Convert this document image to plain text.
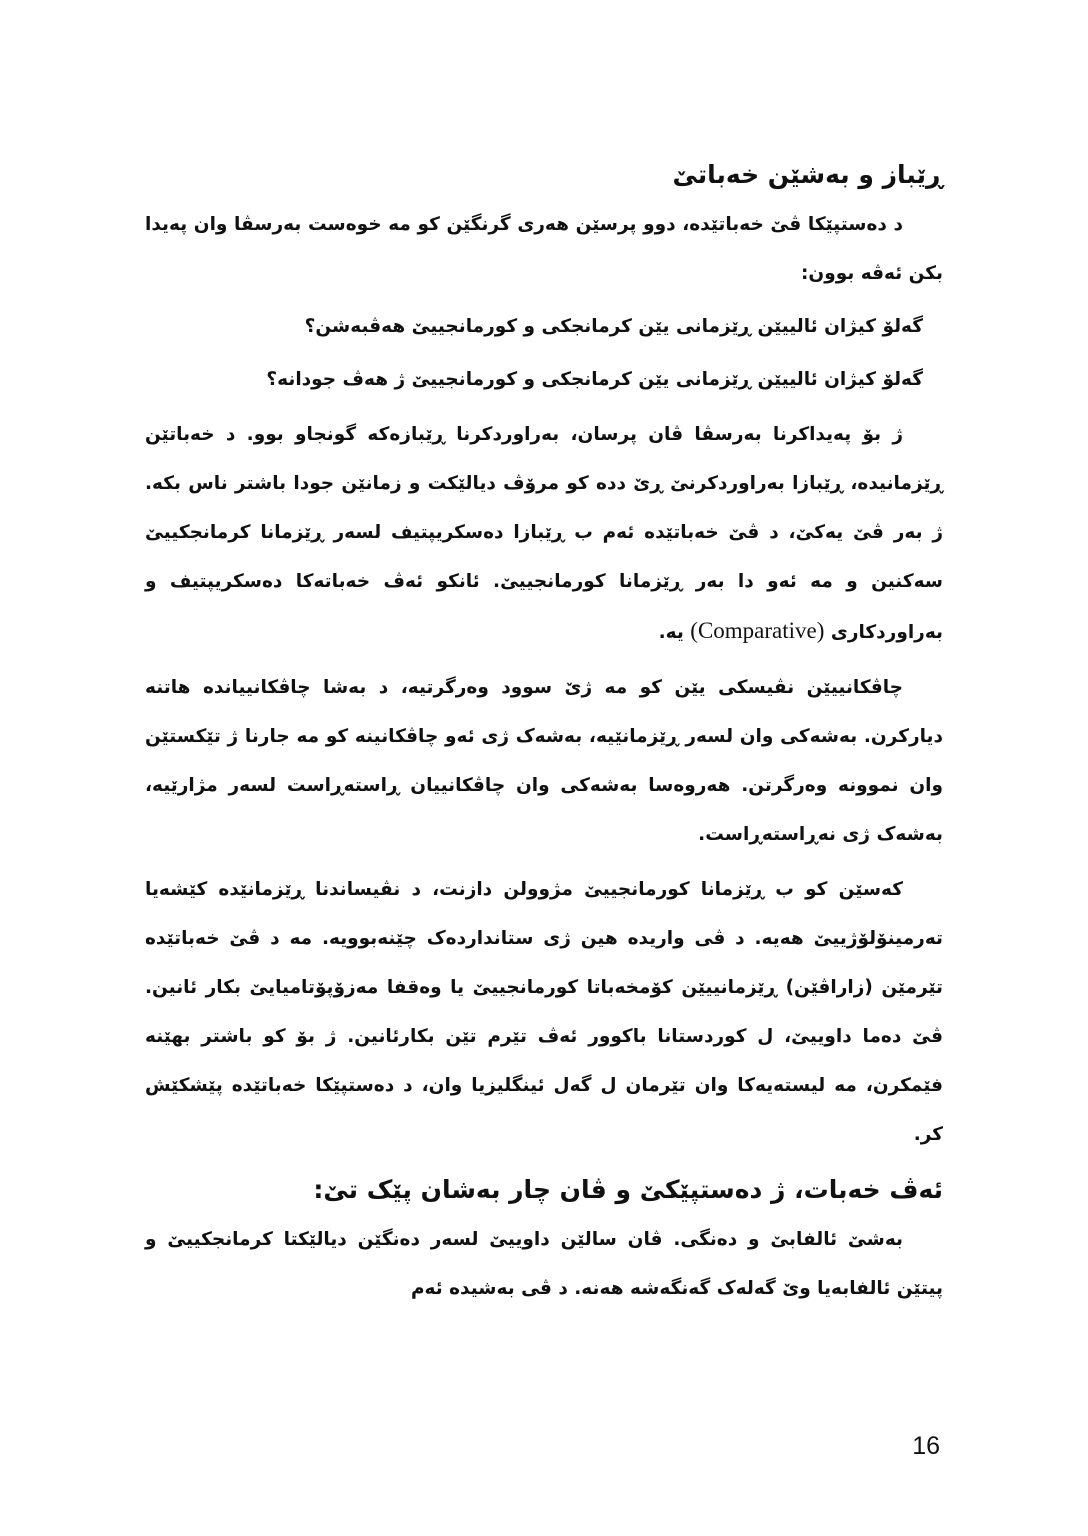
ڕێباز و بەشێن خەباتێ

د دەستپێکا ڤێ خەباتێدە، دوو پرسێن هەری گرنگێن کو مە خوەست بەرسڤا وان پەیدا بکن ئەڤە بوون:

گەلۆ کیژان ئالییێن ڕێزمانی یێن کرمانجکی و کورمانجییێ هەڤبەشن؟

گەلۆ کیژان ئالییێن ڕێزمانی یێن کرمانجکی و کورمانجییێ ژ هەڤ جودانە؟

ژ بۆ پەیداکرنا بەرسڤا ڤان پرسان، بەراوردکرنا ڕێبازەکە گونجاو بوو. د خەباتێن ڕێزمانیدە، ڕێبازا بەراوردکرنێ ڕێ ددە کو مرۆڤ دیالێکت و زمانێن جودا باشتر ناس بکە. ژ بەر ڤێ یەکێ، د ڤێ خەباتێدە ئەم ب ڕێبازا دەسکریپتیف لسەر ڕێزمانا کرمانجکییێ سەکنین و مە ئەو دا بەر ڕێزمانا کورمانجییێ. ئانکو ئەڤ خەباتەکا دەسکریپتیف و بەراوردکاری (Comparative) یە.

چاڤکانییێن نڤیسکی یێن کو مە ژێ سوود وەرگرتیە، د بەشا چاڤکانییاندە هاتنە دیارکرن. بەشەکی وان لسەر ڕێزمانێیە، بەشەک ژی ئەو چاڤکانینە کو مە جارنا ژ تێکستێن وان نموونە وەرگرتن. هەروەسا بەشەکی وان چاڤکانییان ڕاستەڕاست لسەر مژارێیە، بەشەک ژی نەڕاستەڕاست.

کەسێن کو ب ڕێزمانا کورمانجییێ مژوولن دازنت، د نڤیساندنا ڕێزمانێدە کێشەیا تەرمینۆلۆژییێ هەیە. د ڤی واریدە هین ژی ستانداردەک چێنەبوویە. مە د ڤێ خەباتێدە تێرمێن (زاراڤێن) ڕێزمانییێن کۆمخەباتا کورمانجییێ یا وەقفا مەزۆپۆتامیایێ بکار ئانین. ڤێ دەما داوییێ، ل کوردستانا باکوور ئەڤ تێرم تێن بکارئانین. ژ بۆ کو باشتر بهێنە فێمکرن، مە لیستەیەکا وان تێرمان ل گەل ئینگلیزیا وان، د دەستپێکا خەباتێدە پێشکێش کر.

ئەڤ خەبات، ژ دەستپێکێ و ڤان چار بەشان پێک تێ:

بەشێ ئالفابێ و دەنگی. ڤان سالێن داوییێ لسەر دەنگێن دیالێکتا کرمانجکییێ و پیتێن ئالفابەیا وێ گەلەک گەنگەشە هەنە. د ڤی بەشیدە ئەم

16
